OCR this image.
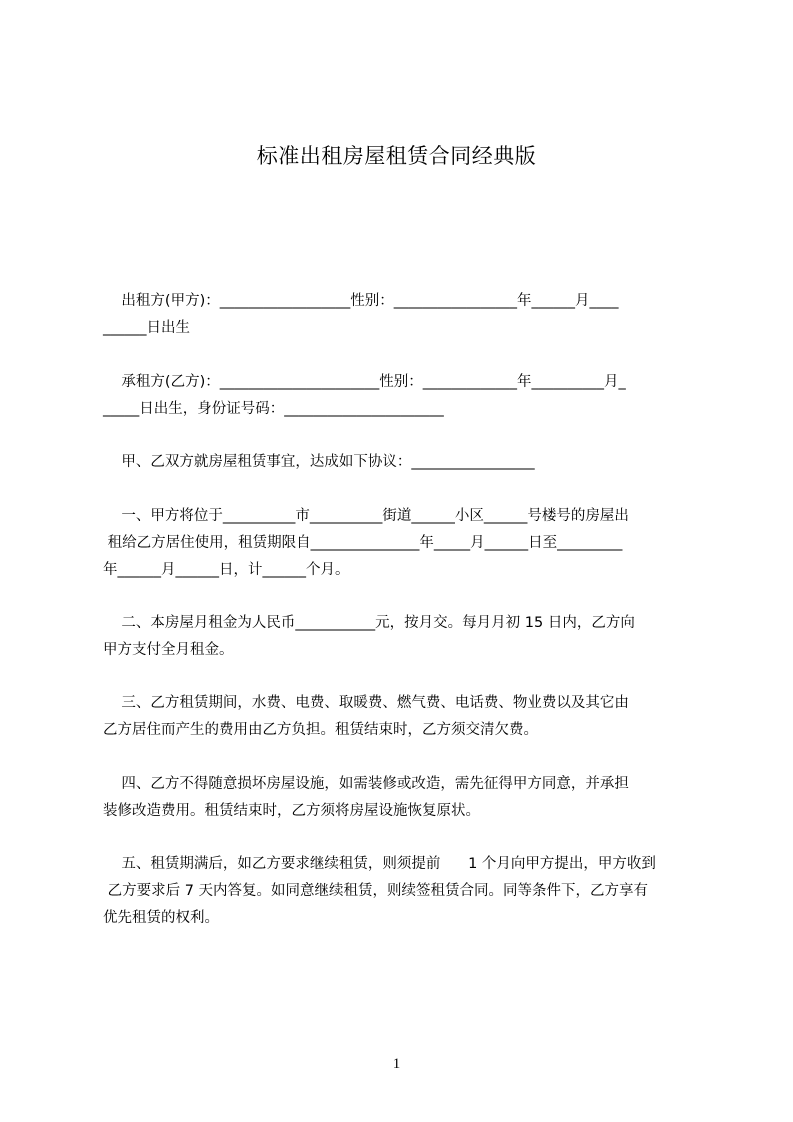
标准出租房屋租赁合同经典版
出租方(甲方)：__________________性别：_________________年______月____
______日出生
承租方(乙方)：______________________性别：_____________年__________月_
_____日出生，身份证号码：______________________
甲、乙双方就房屋租赁事宜，达成如下协议：_________________
一、甲方将位于__________市__________街道______小区______号楼号的房屋出
租给乙方居住使用，租赁期限自_______________年_____月______日至_________
年______月______日，计______个月。
二、本房屋月租金为人民币___________元，按月交。每月月初 15 日内，乙方向
甲方支付全月租金。
三、乙方租赁期间，水费、电费、取暖费、燃气费、电话费、物业费以及其它由
乙方居住而产生的费用由乙方负担。租赁结束时，乙方须交清欠费。
四、乙方不得随意损坏房屋设施，如需装修或改造，需先征得甲方同意，并承担
装修改造费用。租赁结束时，乙方须将房屋设施恢复原状。
五、租赁期满后，如乙方要求继续租赁，则须提前      1 个月向甲方提出，甲方收到
乙方要求后 7 天内答复。如同意继续租赁，则续签租赁合同。同等条件下，乙方享有
优先租赁的权利。
1
